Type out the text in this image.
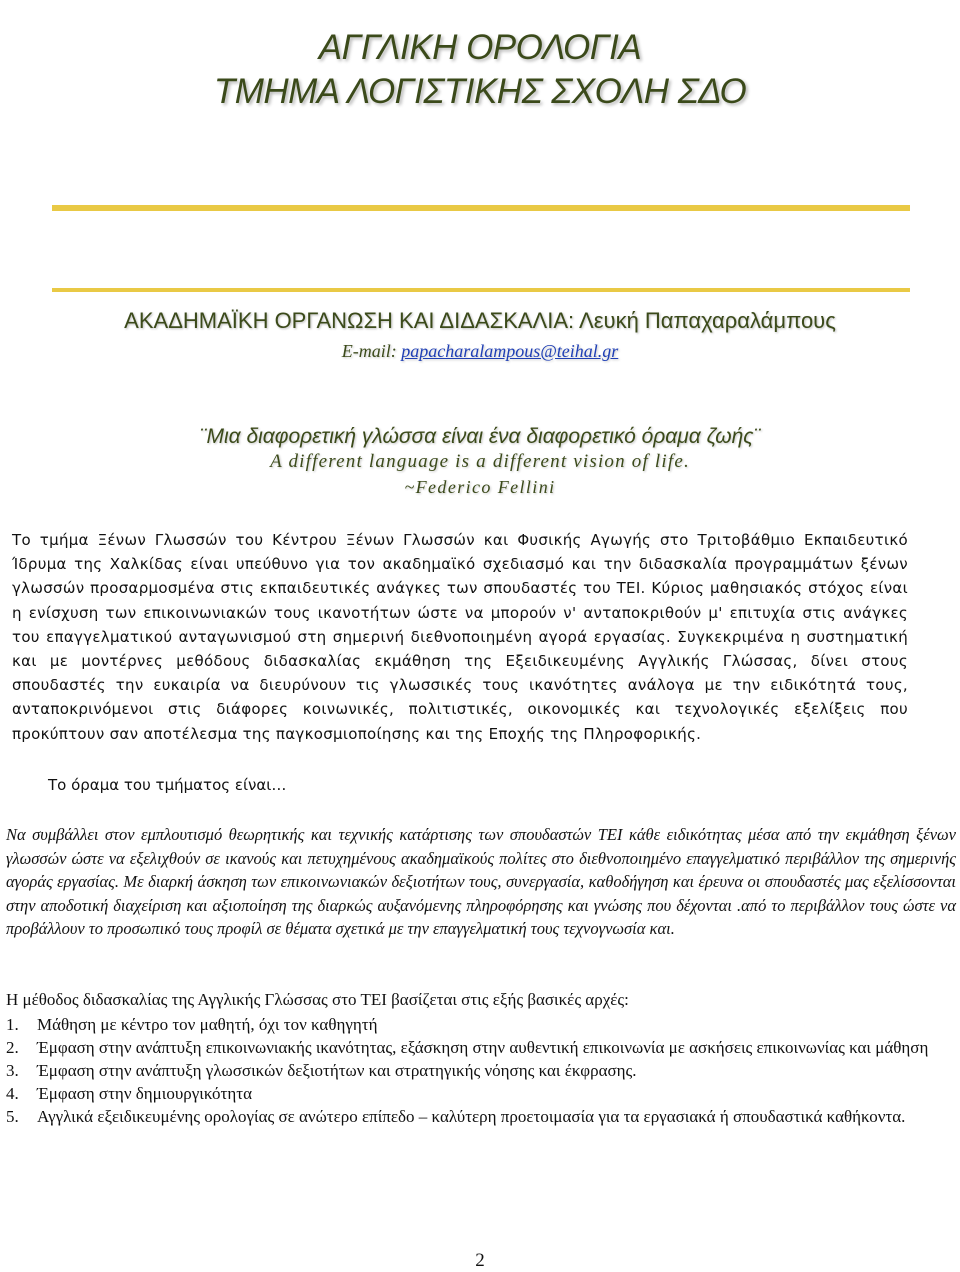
ΑΓΓΛΙΚΗ ΟΡΟΛΟΓΙΑ
ΤΜΗΜΑ ΛΟΓΙΣΤΙΚΗΣ ΣΧΟΛΗ ΣΔΟ
ΑΚΑΔΗΜΑΪΚΗ ΟΡΓΑΝΩΣΗ ΚΑΙ ΔΙΔΑΣΚΑΛΙΑ: Λευκή Παπαχαραλάμπους
E-mail: papacharalampous@teihal.gr
¨Μια διαφορετική γλώσσα είναι ένα διαφορετικό όραμα ζωής¨
A different language is a different vision of life.
~Federico Fellini

Το τμήμα Ξένων Γλωσσών του Κέντρου Ξένων Γλωσσών και Φυσικής Αγωγής στο Τριτοβάθμιο Εκπαιδευτικό Ίδρυμα της Χαλκίδας είναι υπεύθυνο για τον ακαδημαϊκό σχεδιασμό και την διδασκαλία προγραμμάτων ξένων γλωσσών προσαρμοσμένα στις εκπαιδευτικές ανάγκες των σπουδαστές του ΤΕΙ. Κύριος μαθησιακός στόχος είναι η ενίσχυση των επικοινωνιακών τους ικανοτήτων ώστε να μπορούν ν' ανταποκριθούν μ' επιτυχία στις ανάγκες του επαγγελματικού ανταγωνισμού στη σημερινή διεθνοποιημένη αγορά εργασίας. Συγκεκριμένα η συστηματική και με μοντέρνες μεθόδους διδασκαλίας εκμάθηση της Εξειδικευμένης Αγγλικής Γλώσσας, δίνει στους σπουδαστές την ευκαιρία να διευρύνουν τις γλωσσικές τους ικανότητες ανάλογα με την ειδικότητά τους, ανταποκρινόμενοι στις διάφορες κοινωνικές, πολιτιστικές, οικονομικές και τεχνολογικές εξελίξεις που προκύπτουν σαν αποτέλεσμα της παγκοσμιοποίησης και της Εποχής της Πληροφορικής.

Το όραμα του τμήματος είναι…

Να συμβάλλει στον εμπλουτισμό θεωρητικής και τεχνικής κατάρτισης των σπουδαστών ΤΕΙ κάθε ειδικότητας μέσα από την εκμάθηση ξένων γλωσσών ώστε να εξελιχθούν σε ικανούς και πετυχημένους ακαδημαϊκούς πολίτες στο διεθνοποιημένο επαγγελματικό περιβάλλον της σημερινής αγοράς εργασίας. Με διαρκή άσκηση των επικοινωνιακών δεξιοτήτων τους, συνεργασία, καθοδήγηση και έρευνα οι σπουδαστές μας εξελίσσονται στην αποδοτική διαχείριση και αξιοποίηση της διαρκώς αυξανόμενης πληροφόρησης και γνώσης που δέχονται .από το περιβάλλον τους ώστε να προβάλλουν το προσωπικό τους προφίλ σε θέματα σχετικά με την επαγγελματική τους τεχνογνωσία και.

Η μέθοδος διδασκαλίας της Αγγλικής Γλώσσας στο ΤΕΙ βασίζεται στις εξής βασικές αρχές:

1.	Μάθηση με κέντρο τον μαθητή, όχι τον καθηγητή
2.	Έμφαση στην ανάπτυξη επικοινωνιακής ικανότητας, εξάσκηση στην αυθεντική επικοινωνία με ασκήσεις επικοινωνίας και μάθηση
3.	Έμφαση στην ανάπτυξη γλωσσικών δεξιοτήτων και στρατηγικής νόησης και έκφρασης.
4.	Έμφαση στην δημιουργικότητα
5.	Αγγλικά εξειδικευμένης ορολογίας σε ανώτερο επίπεδο – καλύτερη προετοιμασία για τα εργασιακά ή σπουδαστικά καθήκοντα.
2
